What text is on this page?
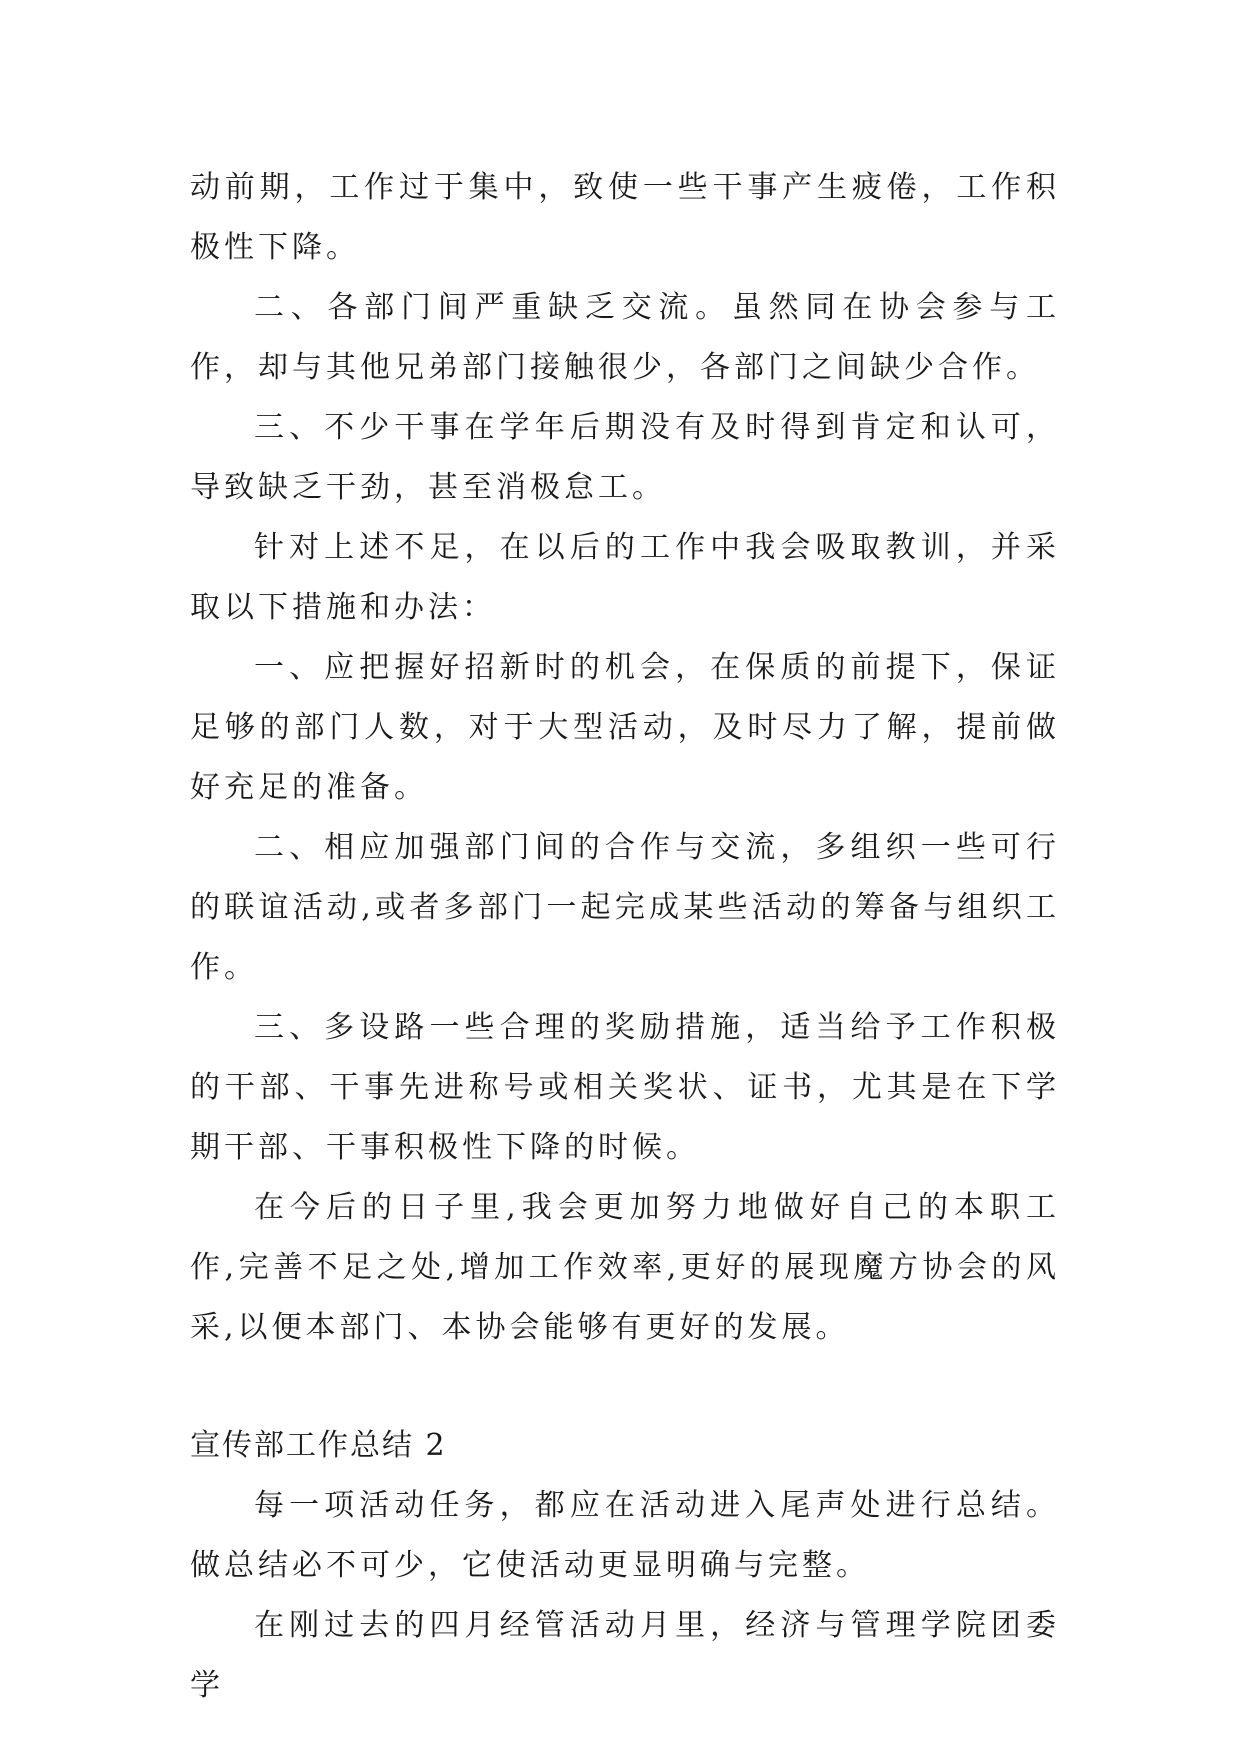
动前期，工作过于集中，致使一些干事产生疲倦，工作积极性下降。

二、各部门间严重缺乏交流。虽然同在协会参与工作，却与其他兄弟部门接触很少，各部门之间缺少合作。

三、不少干事在学年后期没有及时得到肯定和认可，导致缺乏干劲，甚至消极怠工。

针对上述不足，在以后的工作中我会吸取教训，并采取以下措施和办法：

一、应把握好招新时的机会，在保质的前提下，保证足够的部门人数，对于大型活动，及时尽力了解，提前做好充足的准备。

二、相应加强部门间的合作与交流，多组织一些可行的联谊活动,或者多部门一起完成某些活动的筹备与组织工作。

三、多设路一些合理的奖励措施，适当给予工作积极的干部、干事先进称号或相关奖状、证书，尤其是在下学期干部、干事积极性下降的时候。

在今后的日子里,我会更加努力地做好自己的本职工作,完善不足之处,增加工作效率,更好的展现魔方协会的风采,以便本部门、本协会能够有更好的发展。

宣传部工作总结 2

每一项活动任务，都应在活动进入尾声处进行总结。做总结必不可少，它使活动更显明确与完整。

在刚过去的四月经管活动月里，经济与管理学院团委学
